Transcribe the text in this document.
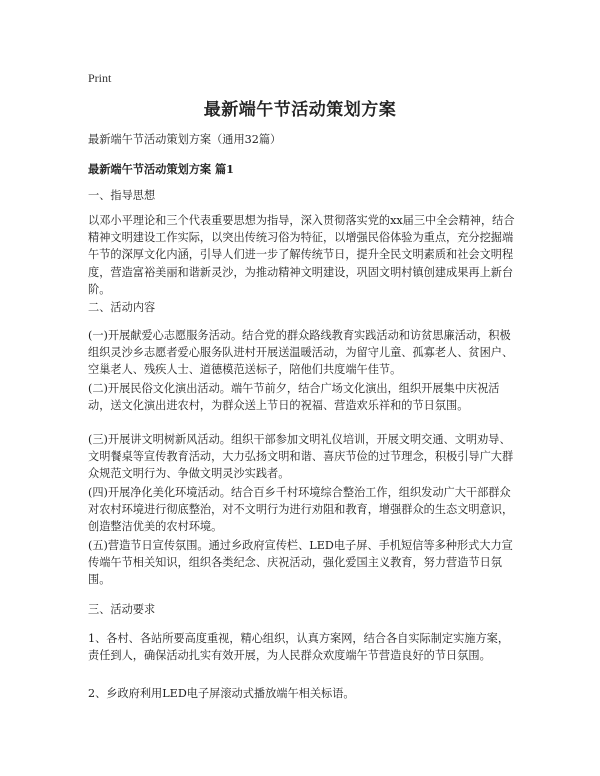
Print
最新端午节活动策划方案

最新端午节活动策划方案（通用32篇）

最新端午节活动策划方案 篇1

一、指导思想

以邓小平理论和三个代表重要思想为指导，深入贯彻落实党的xx届三中全会精神，结合精神文明建设工作实际，以突出传统习俗为特征，以增强民俗体验为重点，充分挖掘端午节的深厚文化内涵，引导人们进一步了解传统节日，提升全民文明素质和社会文明程度，营造富裕美丽和谐新灵沙，为推动精神文明建设，巩固文明村镇创建成果再上新台阶。

二、活动内容

(一)开展献爱心志愿服务活动。结合党的群众路线教育实践活动和访贫思廉活动，积极组织灵沙乡志愿者爱心服务队进村开展送温暖活动，为留守儿童、孤寡老人、贫困户、空巢老人、残疾人士、道德模范送标子，陪他们共度端午佳节。

(二)开展民俗文化演出活动。端午节前夕，结合广场文化演出，组织开展集中庆祝活动，送文化演出进农村，为群众送上节日的祝福、营造欢乐祥和的节日氛围。

(三)开展讲文明树新风活动。组织干部参加文明礼仪培训，开展文明交通、文明劝导、文明餐桌等宣传教育活动，大力弘扬文明和谐、喜庆节俭的过节理念，积极引导广大群众规范文明行为、争做文明灵沙实践者。

(四)开展净化美化环境活动。结合百乡千村环境综合整治工作，组织发动广大干部群众对农村环境进行彻底整治，对不文明行为进行劝阻和教育，增强群众的生态文明意识，创造整洁优美的农村环境。

(五)营造节日宣传氛围。通过乡政府宣传栏、LED电子屏、手机短信等多种形式大力宣传端午节相关知识，组织各类纪念、庆祝活动，强化爱国主义教育，努力营造节日氛围。

三、活动要求

1、各村、各站所要高度重视，精心组织，认真方案网，结合各自实际制定实施方案，责任到人，确保活动扎实有效开展，为人民群众欢度端午节营造良好的节日氛围。

2、乡政府利用LED电子屏滚动式播放端午相关标语。
